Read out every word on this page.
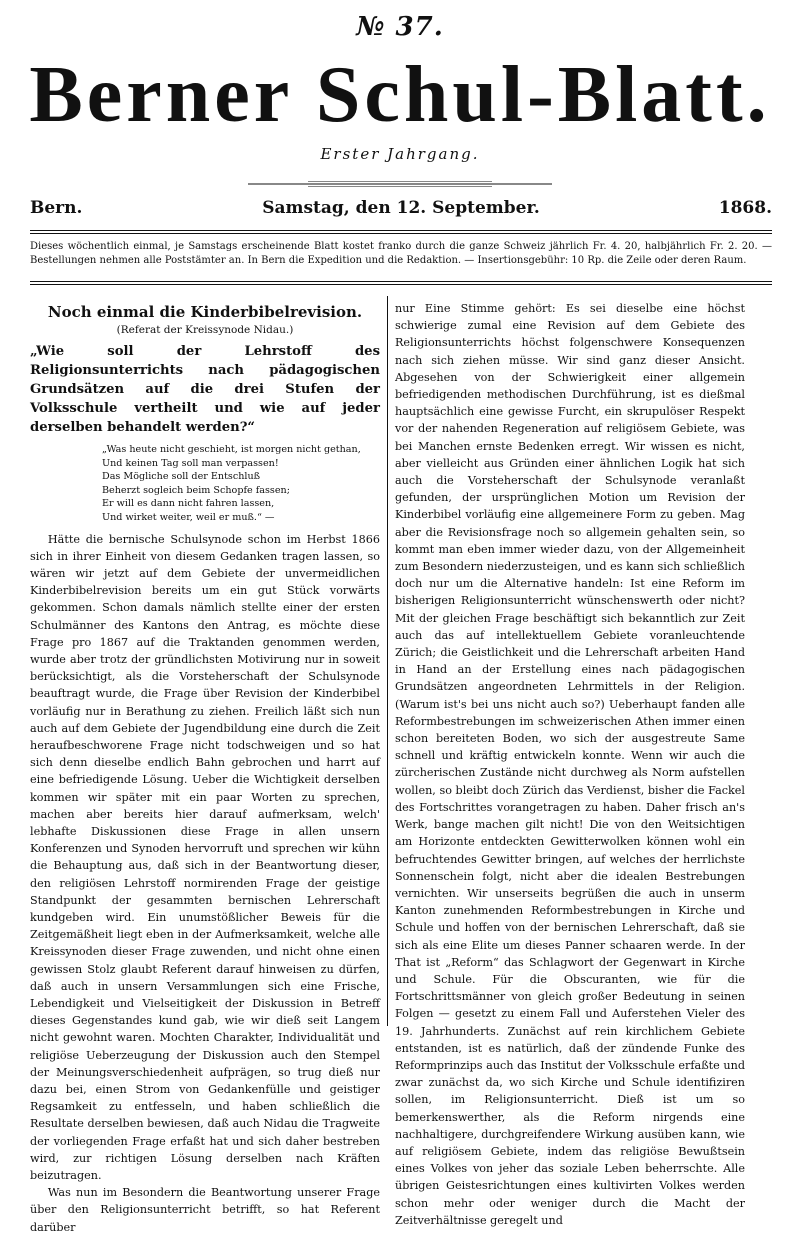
№ 37.
Berner Schul-Blatt.
Erster Jahrgang.
Bern.	Samstag, den 12. September.	1868.
Dieses wöchentlich einmal, je Samstags erscheinende Blatt kostet franko durch die ganze Schweiz jährlich Fr. 4. 20, halbjährlich Fr. 2. 20. — Bestellungen nehmen alle Poststämter an. In Bern die Expedition und die Redaktion. — Insertionsgebühr: 10 Rp. die Zeile oder deren Raum.
Noch einmal die Kinderbibelrevision.
(Referat der Kreissynode Nidau.)
„Wie soll der Lehrstoff des Religionsunterrichts nach pädagogischen Grundsätzen auf die drei Stufen der Volksschule vertheilt und wie auf jeder derselben behandelt werden?“
„Was heute nicht geschieht, ist morgen nicht gethan,
Und keinen Tag soll man verpassen!
Das Mögliche soll der Entschluß
Beherzt sogleich beim Schopfe fassen;
Er will es dann nicht fahren lassen,
Und wirket weiter, weil er muß.“ —

Hätte die bernische Schulsynode schon im Herbst 1866 sich in ihrer Einheit von diesem Gedanken tragen lassen, so wären wir jetzt auf dem Gebiete der unvermeidlichen Kinderbibelrevision bereits um ein gut Stück vorwärts gekommen. Schon damals nämlich stellte einer der ersten Schulmänner des Kantons den Antrag, es möchte diese Frage pro 1867 auf die Traktanden genommen werden, wurde aber trotz der gründlichsten Motivirung nur in soweit berücksichtigt, als die Vorsteherschaft der Schulsynode beauftragt wurde, die Frage über Revision der Kinderbibel vorläufig nur in Berathung zu ziehen. Freilich läßt sich nun auch auf dem Gebiete der Jugendbildung eine durch die Zeit heraufbeschworene Frage nicht todschweigen und so hat sich denn dieselbe endlich Bahn gebrochen und harrt auf eine befriedigende Lösung. Ueber die Wichtigkeit derselben kommen wir später mit ein paar Worten zu sprechen, machen aber bereits hier darauf aufmerksam, welch' lebhafte Diskussionen diese Frage in allen unsern Konferenzen und Synoden hervorruft und sprechen wir kühn die Behauptung aus, daß sich in der Beantwortung dieser, den religiösen Lehrstoff normirenden Frage der geistige Standpunkt der gesammten bernischen Lehrerschaft kundgeben wird. Ein unumstößlicher Beweis für die Zeitgemäßheit liegt eben in der Aufmerksamkeit, welche alle Kreissynoden dieser Frage zuwenden, und nicht ohne einen gewissen Stolz glaubt Referent darauf hinweisen zu dürfen, daß auch in unsern Versammlungen sich eine Frische, Lebendigkeit und Vielseitigkeit der Diskussion in Betreff dieses Gegenstandes kund gab, wie wir dieß seit Langem nicht gewohnt waren. Mochten Charakter, Individualität und religiöse Ueberzeugung der Diskussion auch den Stempel der Meinungsverschiedenheit aufprägen, so trug dieß nur dazu bei, einen Strom von Gedankenfülle und geistiger Regsamkeit zu entfesseln, und haben schließlich die Resultate derselben bewiesen, daß auch Nidau die Tragweite der vorliegenden Frage erfaßt hat und sich daher bestreben wird, zur richtigen Lösung derselben nach Kräften beizutragen.

Was nun im Besondern die Beantwortung unserer Frage über den Religionsunterricht betrifft, so hat Referent darüber

nur Eine Stimme gehört: Es sei dieselbe eine höchst schwierige zumal eine Revision auf dem Gebiete des Religionsunterrichts höchst folgenschwere Konsequenzen nach sich ziehen müsse. Wir sind ganz dieser Ansicht. Abgesehen von der Schwierigkeit einer allgemein befriedigenden methodischen Durchführung, ist es dießmal hauptsächlich eine gewisse Furcht, ein skrupulöser Respekt vor der nahenden Regeneration auf religiösem Gebiete, was bei Manchen ernste Bedenken erregt. Wir wissen es nicht, aber vielleicht aus Gründen einer ähnlichen Logik hat sich auch die Vorsteherschaft der Schulsynode veranlaßt gefunden, der ursprünglichen Motion um Revision der Kinderbibel vorläufig eine allgemeinere Form zu geben. Mag aber die Revisionsfrage noch so allgemein gehalten sein, so kommt man eben immer wieder dazu, von der Allgemeinheit zum Besondern niederzusteigen, und es kann sich schließlich doch nur um die Alternative handeln: Ist eine Reform im bisherigen Religionsunterricht wünschenswerth oder nicht? Mit der gleichen Frage beschäftigt sich bekanntlich zur Zeit auch das auf intellektuellem Gebiete voranleuchtende Zürich; die Geistlichkeit und die Lehrerschaft arbeiten Hand in Hand an der Erstellung eines nach pädagogischen Grundsätzen angeordneten Lehrmittels in der Religion. (Warum ist's bei uns nicht auch so?) Ueberhaupt fanden alle Reformbestrebungen im schweizerischen Athen immer einen schon bereiteten Boden, wo sich der ausgestreute Same schnell und kräftig entwickeln konnte. Wenn wir auch die zürcherischen Zustände nicht durchweg als Norm aufstellen wollen, so bleibt doch Zürich das Verdienst, bisher die Fackel des Fortschrittes vorangetragen zu haben. Daher frisch an's Werk, bange machen gilt nicht! Die von den Weitsichtigen am Horizonte entdeckten Gewitterwolken können wohl ein befruchtendes Gewitter bringen, auf welches der herrlichste Sonnenschein folgt, nicht aber die idealen Bestrebungen vernichten. Wir unserseits begrüßen die auch in unserm Kanton zunehmenden Reformbestrebungen in Kirche und Schule und hoffen von der bernischen Lehrerschaft, daß sie sich als eine Elite um dieses Panner schaaren werde. In der That ist „Reform“ das Schlagwort der Gegenwart in Kirche und Schule. Für die Obscuranten, wie für die Fortschrittsmänner von gleich großer Bedeutung in seinen Folgen — gesetzt zu einem Fall und Auferstehen Vieler des 19. Jahrhunderts. Zunächst auf rein kirchlichem Gebiete entstanden, ist es natürlich, daß der zündende Funke des Reformprinzips auch das Institut der Volksschule erfaßte und zwar zunächst da, wo sich Kirche und Schule identifiziren sollen, im Religionsunterricht. Dieß ist um so bemerkenswerther, als die Reform nirgends eine nachhaltigere, durchgreifendere Wirkung ausüben kann, wie auf religiösem Gebiete, indem das religiöse Bewußtsein eines Volkes von jeher das soziale Leben beherrschte. Alle übrigen Geistesrichtungen eines kultivirten Volkes werden schon mehr oder weniger durch die Macht der Zeitverhältnisse geregelt und
